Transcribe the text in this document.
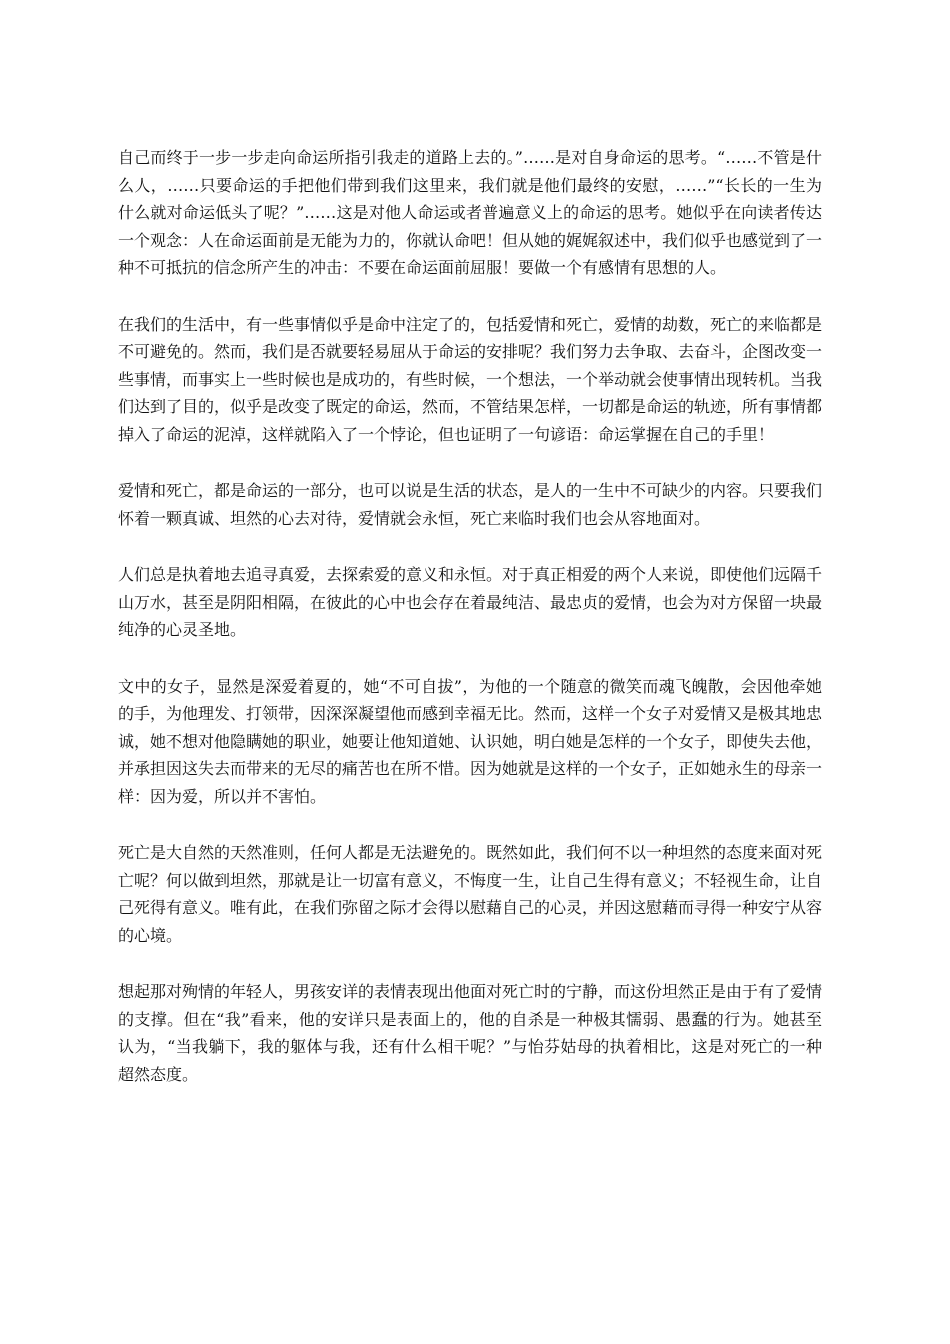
自己而终于一步一步走向命运所指引我走的道路上去的。”……是对自身命运的思考。“……不管是什么人，……只要命运的手把他们带到我们这里来，我们就是他们最终的安慰，……”“长长的一生为什么就对命运低头了呢？”……这是对他人命运或者普遍意义上的命运的思考。她似乎在向读者传达一个观念：人在命运面前是无能为力的，你就认命吧！但从她的娓娓叙述中，我们似乎也感觉到了一种不可抵抗的信念所产生的冲击：不要在命运面前屈服！要做一个有感情有思想的人。

在我们的生活中，有一些事情似乎是命中注定了的，包括爱情和死亡，爱情的劫数，死亡的来临都是不可避免的。然而，我们是否就要轻易屈从于命运的安排呢？我们努力去争取、去奋斗，企图改变一些事情，而事实上一些时候也是成功的，有些时候，一个想法，一个举动就会使事情出现转机。当我们达到了目的，似乎是改变了既定的命运，然而，不管结果怎样，一切都是命运的轨迹，所有事情都掉入了命运的泥淖，这样就陷入了一个悖论，但也证明了一句谚语：命运掌握在自己的手里！

爱情和死亡，都是命运的一部分，也可以说是生活的状态，是人的一生中不可缺少的内容。只要我们怀着一颗真诚、坦然的心去对待，爱情就会永恒，死亡来临时我们也会从容地面对。

人们总是执着地去追寻真爱，去探索爱的意义和永恒。对于真正相爱的两个人来说，即使他们远隔千山万水，甚至是阴阳相隔，在彼此的心中也会存在着最纯洁、最忠贞的爱情，也会为对方保留一块最纯净的心灵圣地。

文中的女子，显然是深爱着夏的，她“不可自拔”，为他的一个随意的微笑而魂飞魄散，会因他牵她的手，为他理发、打领带，因深深凝望他而感到幸福无比。然而，这样一个女子对爱情又是极其地忠诚，她不想对他隐瞒她的职业，她要让他知道她、认识她，明白她是怎样的一个女子，即使失去他，并承担因这失去而带来的无尽的痛苦也在所不惜。因为她就是这样的一个女子，正如她永生的母亲一样：因为爱，所以并不害怕。

死亡是大自然的天然准则，任何人都是无法避免的。既然如此，我们何不以一种坦然的态度来面对死亡呢？何以做到坦然，那就是让一切富有意义，不悔度一生，让自己生得有意义；不轻视生命，让自己死得有意义。唯有此，在我们弥留之际才会得以慰藉自己的心灵，并因这慰藉而寻得一种安宁从容的心境。

想起那对殉情的年轻人，男孩安详的表情表现出他面对死亡时的宁静，而这份坦然正是由于有了爱情的支撑。但在“我”看来，他的安详只是表面上的，他的自杀是一种极其懦弱、愚蠢的行为。她甚至认为，“当我躺下，我的躯体与我，还有什么相干呢？”与怡芬姑母的执着相比，这是对死亡的一种超然态度。
